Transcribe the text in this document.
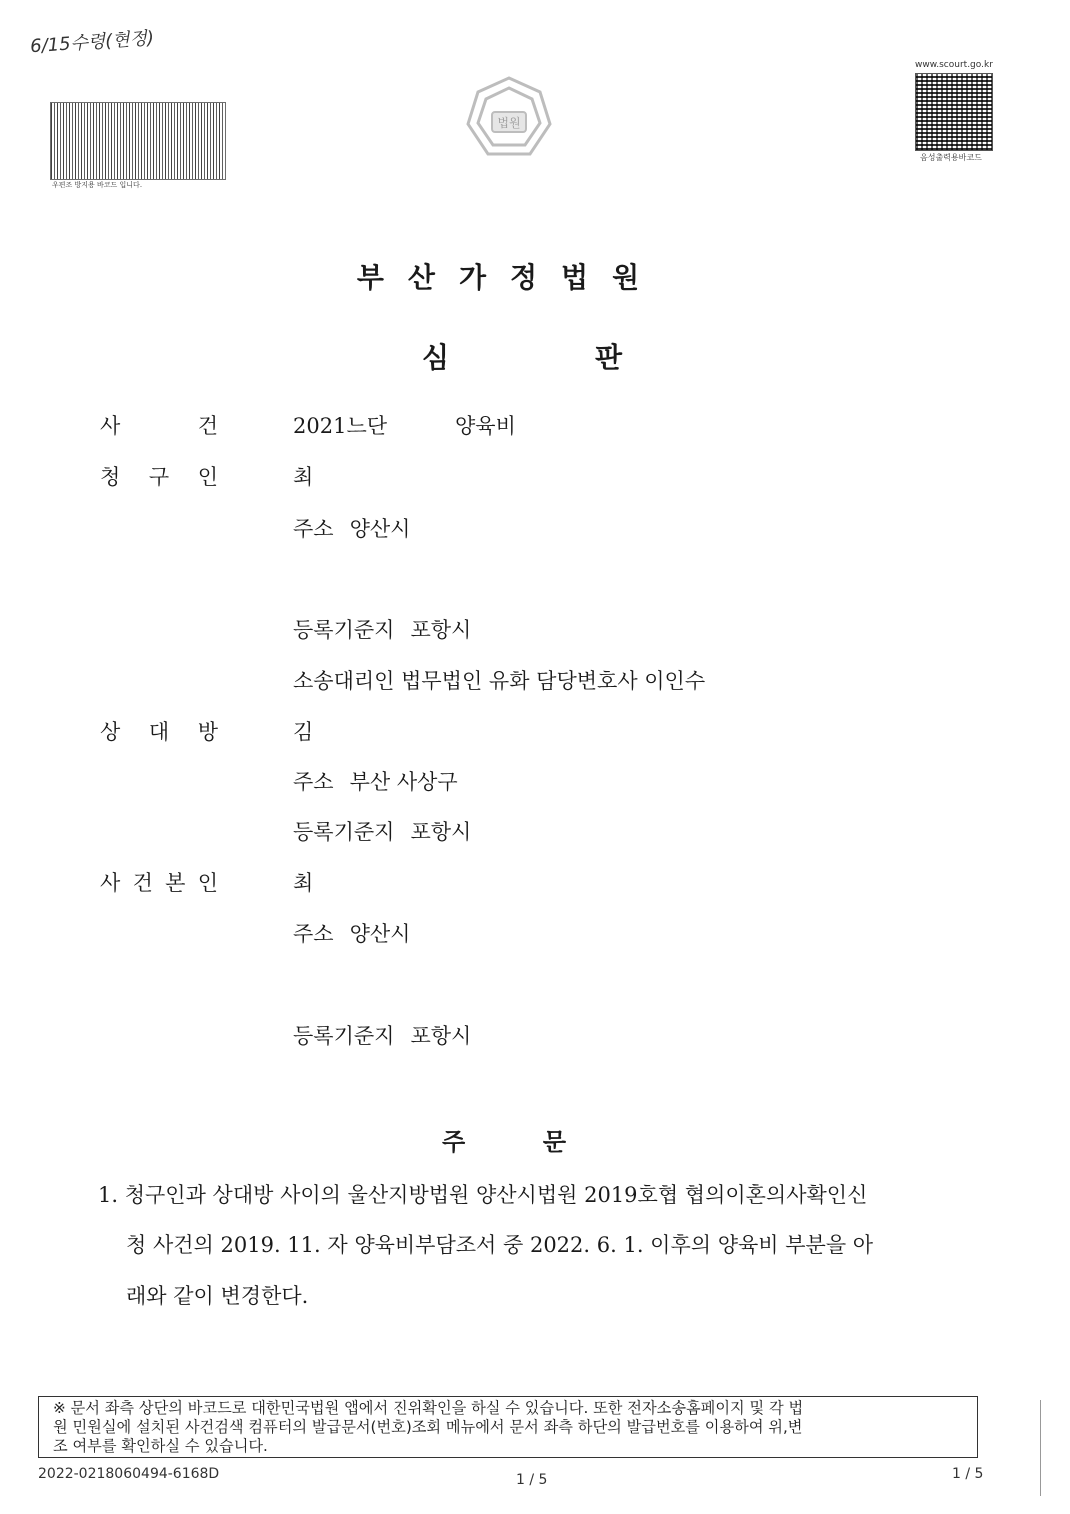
6/15수령(현정)
우편조 방지용 바코드 입니다.
법원
www.scourt.go.kr
음성출력용바코드
부산가정법원
심	판
사	건	2021느단	양육비
청 구 인	최
주소 양산시
등록기준지 포항시
소송대리인 법무법인 유화 담당변호사 이인수
상 대 방	김
주소 부산 사상구
등록기준지 포항시
사 건 본 인	최
주소 양산시
등록기준지 포항시
주	문
1. 청구인과 상대방 사이의 울산지방법원 양산시법원 2019호협 협의이혼의사확인신
청 사건의 2019. 11. 자 양육비부담조서 중 2022. 6. 1. 이후의 양육비 부분을 아
래와 같이 변경한다.
※ 문서 좌측 상단의 바코드로 대한민국법원 앱에서 진위확인을 하실 수 있습니다. 또한 전자소송홈페이지 및 각 법
원 민원실에 설치된 사건검색 컴퓨터의 발급문서(번호)조회 메뉴에서 문서 좌측 하단의 발급번호를 이용하여 위,변
조 여부를 확인하실 수 있습니다.
2022-0218060494-6168D	1 / 5	1 / 5
